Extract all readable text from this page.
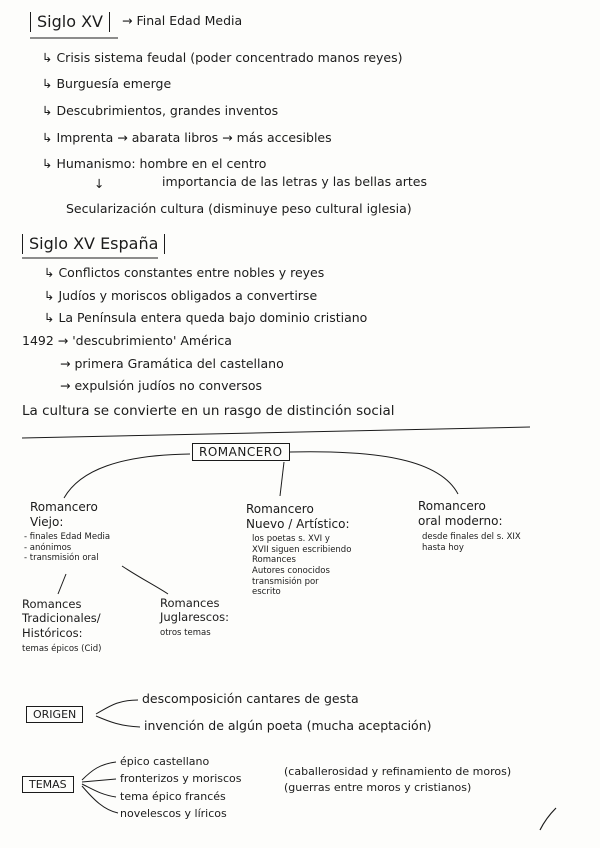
Siglo XV	→ Final Edad Media
↳ Crisis sistema feudal (poder concentrado manos reyes)
↳ Burguesía emerge
↳ Descubrimientos, grandes inventos
↳ Imprenta → abarata libros → más accesibles
↳ Humanismo: hombre en el centro
importancia de las letras y las bellas artes
↓
Secularización cultura (disminuye peso cultural iglesia)
Siglo XV España
↳ Conflictos constantes entre nobles y reyes
↳ Judíos y moriscos obligados a convertirse
↳ La Península entera queda bajo dominio cristiano
1492 → 'descubrimiento' América
→ primera Gramática del castellano
→ expulsión judíos no conversos
La cultura se convierte en un rasgo de distinción social
ROMANCERO
Romancero
Viejo:
- finales Edad Media
- anónimos
- transmisión oral
Romancero
Nuevo / Artístico:
los poetas s. XVI y
XVII siguen escribiendo
Romances
Autores conocidos
transmisión por
escrito
Romancero
oral moderno:
desde finales del s. XIX
hasta hoy
Romances
Tradicionales/
Históricos:
temas épicos (Cid)
Romances
Juglarescos:
otros temas
ORIGEN
descomposición cantares de gesta
invención de algún poeta (mucha aceptación)
TEMAS
épico castellano
fronterizos y moriscos
tema épico francés
novelescos y líricos
(caballerosidad y refinamiento de moros)
(guerras entre moros y cristianos)
